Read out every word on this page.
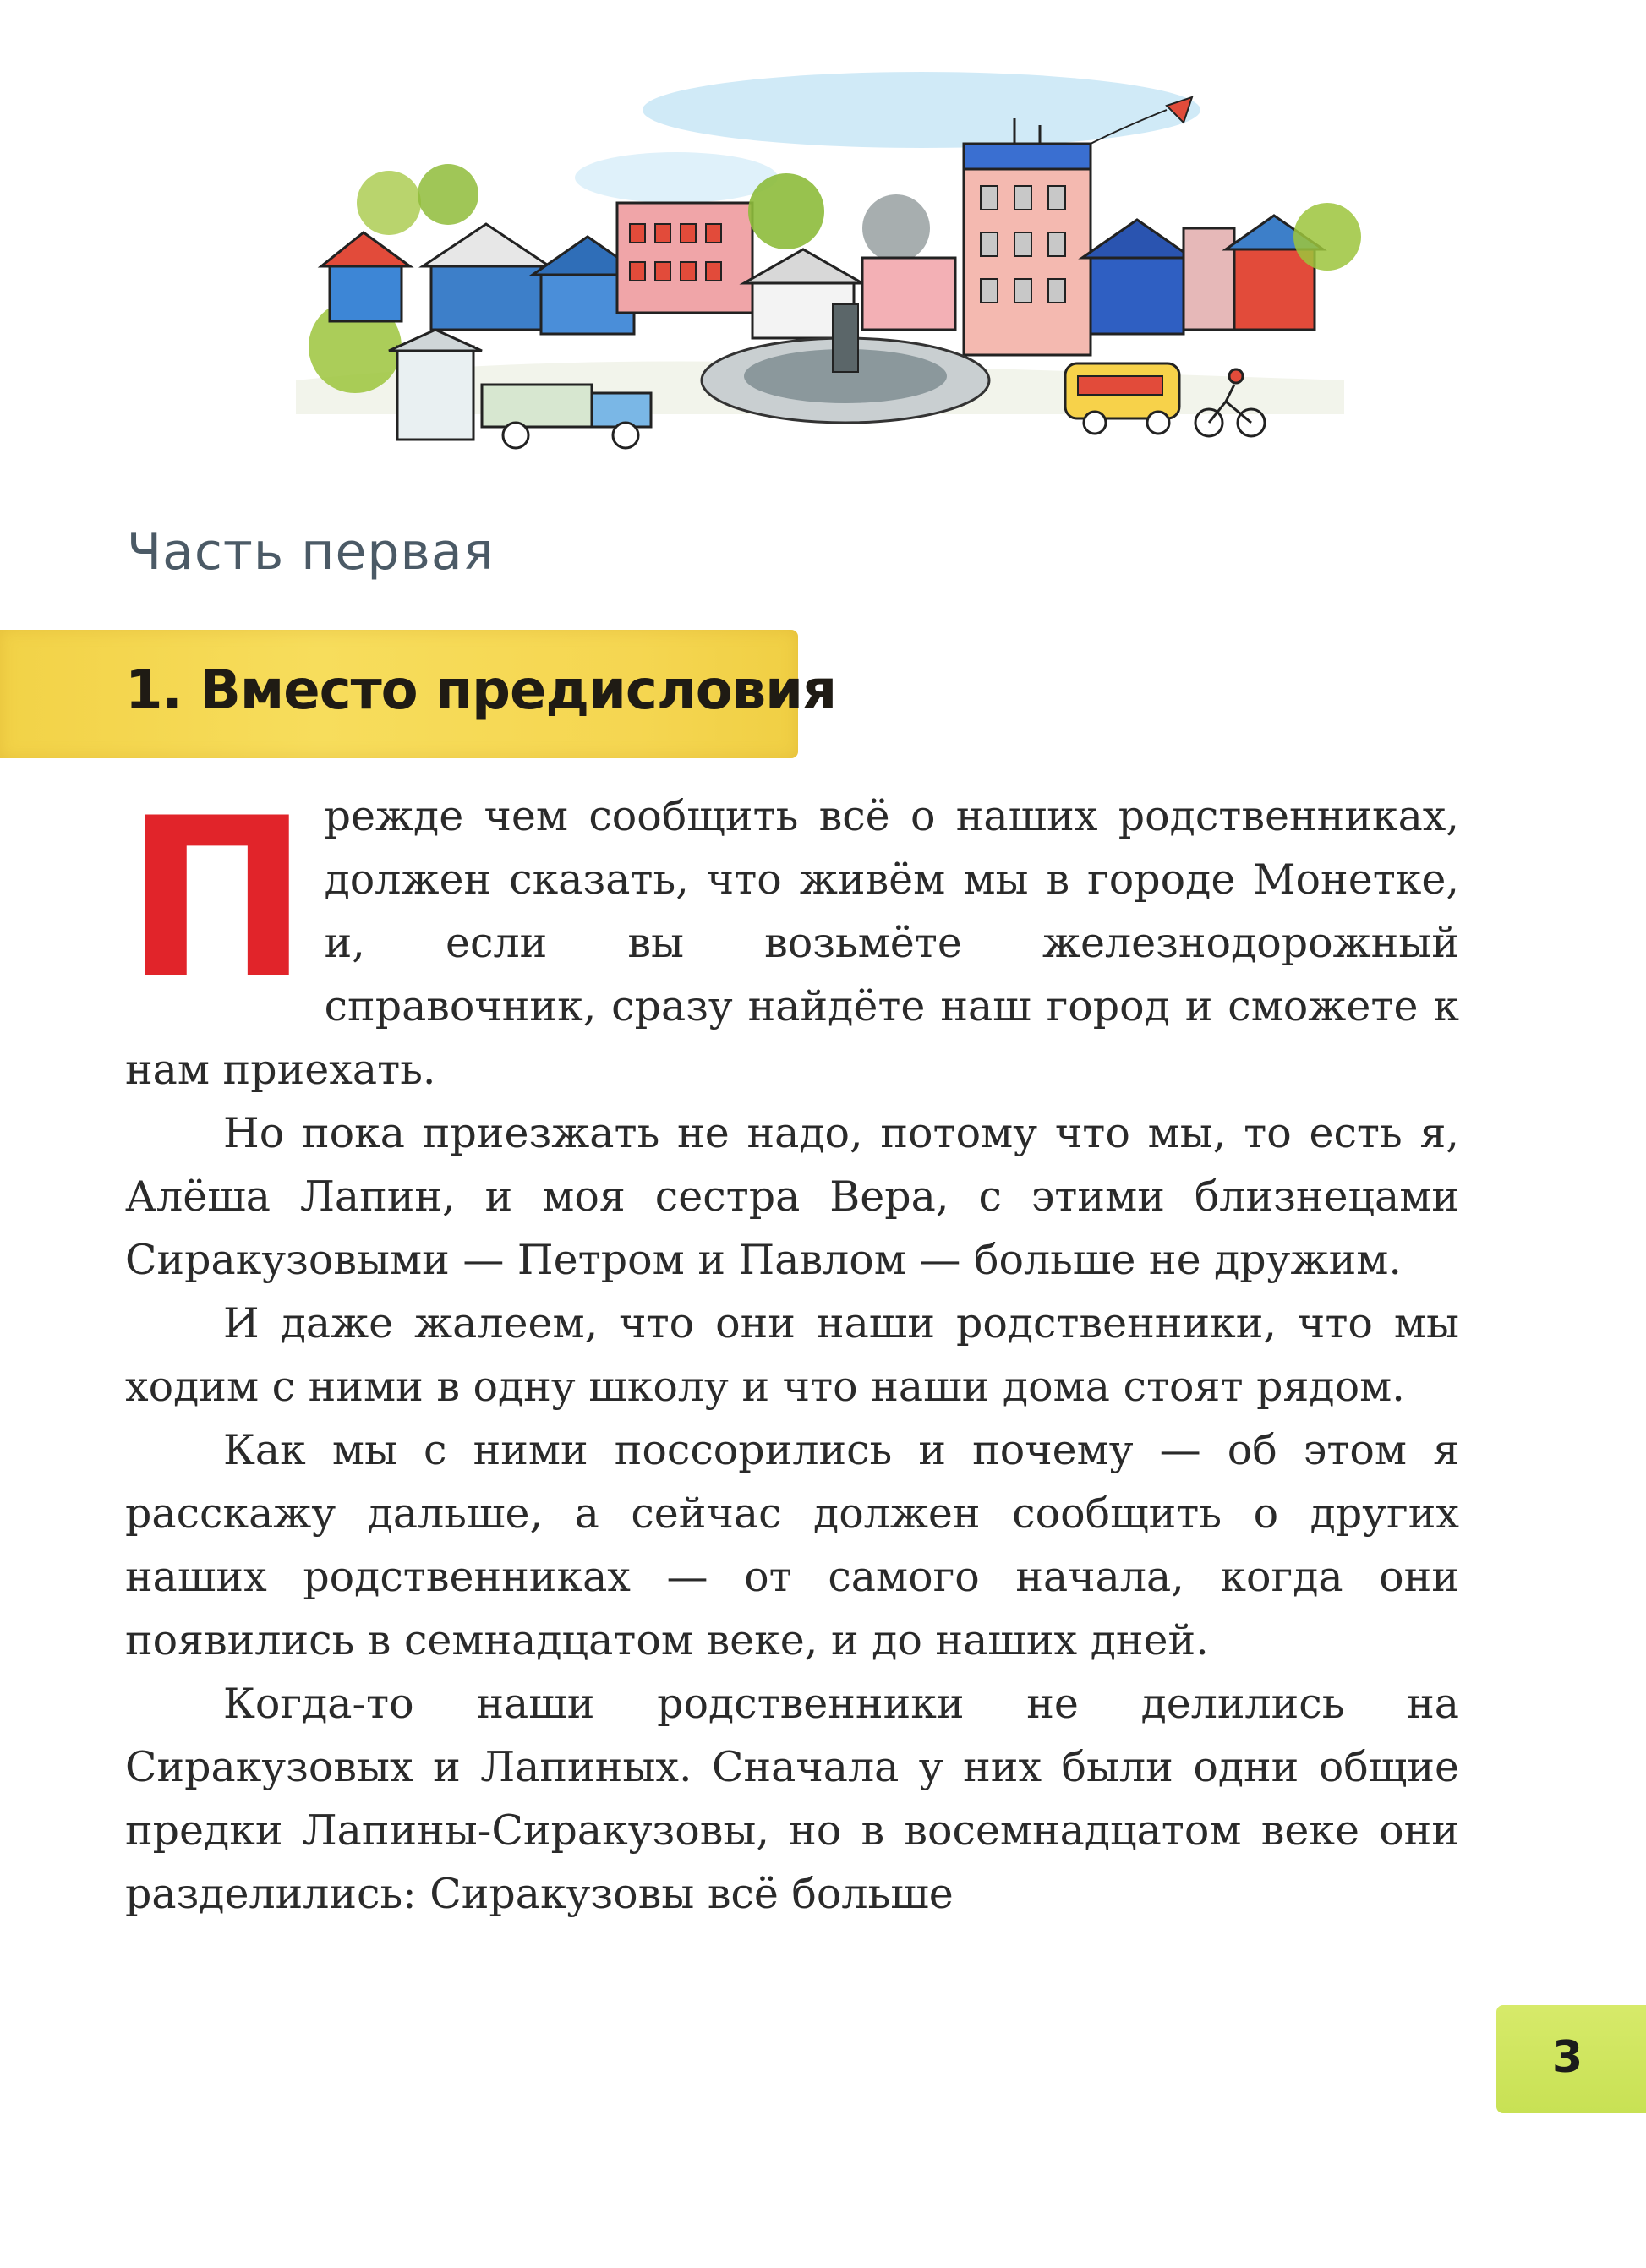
Часть первая
1. Вместо предисловия

Прежде чем сообщить всё о наших родственниках, должен сказать, что живём мы в городе Монетке, и, если вы возьмёте железнодорожный справочник, сразу найдёте наш город и сможете к нам приехать.

Но пока приезжать не надо, потому что мы, то есть я, Алёша Лапин, и моя сестра Вера, с этими близнецами Сиракузовыми — Петром и Павлом — больше не дружим.

И даже жалеем, что они наши родственники, что мы ходим с ними в одну школу и что наши дома стоят рядом.

Как мы с ними поссорились и почему — об этом я расскажу дальше, а сейчас должен сообщить о других наших родственниках — от самого начала, когда они появились в семнадцатом веке, и до наших дней.

Когда-то наши родственники не делились на Сиракузовых и Лапиных. Сначала у них были одни общие предки Лапины-Сиракузовы, но в восемнадцатом веке они разделились: Сиракузовы всё больше

3
